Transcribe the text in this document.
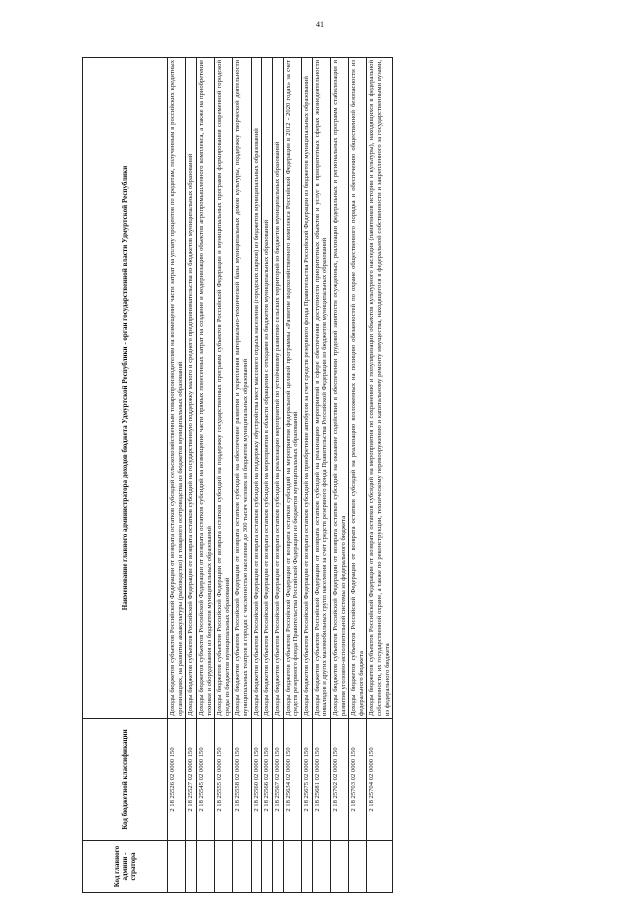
41
Код главного админи - стратора	Код бюджетной классификации	Наименование главного администратора доходов бюджета Удмуртской Республики - орган государственной власти Удмуртской Республики
	2 18 25526 02 0000 150	Доходы бюджетов субъектов Российской Федерации от возврата остатков субсидий сельскохозяйственным товаропроизводителям на возмещение части затрат на уплату процентов по кредитам, полученным в российских кредитных организациях, на развитие аквакультуры (рыбоводство) и товарного осетроводства из бюджетов муниципальных образований
	2 18 25527 02 0000 150	Доходы бюджетов субъектов Российской Федерации от возврата остатков субсидий на государственную поддержку малого и среднего предпринимательства из бюджетов муниципальных образований
	2 18 25545 02 0000 150	Доходы бюджетов субъектов Российской Федерации от возврата остатков субсидий на возмещение части прямых понесенных затрат на создание и модернизацию объектов агропромышленного комплекса, а также на приобретение техники и оборудования из бюджетов муниципальных образований
	2 18 25555 02 0000 150	Доходы бюджетов субъектов Российской Федерации от возврата остатков субсидий на поддержку государственных программ субъектов Российской Федерации и муниципальных программ формирования современной городской среды из бюджетов муниципальных образований
	2 18 25558 02 0000 150	Доходы бюджетов субъектов Российской Федерации от возврата остатков субсидий на обеспечение развития и укрепления материально-технической базы муниципальных домов культуры, поддержку творческой деятельности муниципальных театров в городах с численностью населения до 300 тысяч человек из бюджетов муниципальных образований
	2 18 25560 02 0000 150	Доходы бюджетов субъектов Российской Федерации от возврата остатков субсидий на поддержку обустройства мест массового отдыха населения (городских парков) из бюджетов муниципальных образований
	2 18 25566 02 0000 150	Доходы бюджетов субъектов Российской Федерации от возврата остатков субсидий на мероприятия в области обращения с отходами из бюджетов муниципальных образований
	2 18 25567 02 0000 150	Доходы бюджетов субъектов Российской Федерации от возврата остатков субсидий на реализацию мероприятий по устойчивому развитию сельских территорий из бюджетов муниципальных образований
	2 18 25634 02 0000 150	Доходы бюджетов субъектов Российской Федерации от возврата остатков субсидий на мероприятия федеральной целевой программы «Развитие водохозяйственного комплекса Российской Федерации в 2012 - 2020 годах» за счет средств резервного фонда Правительства Российской Федерации из бюджетов муниципальных образований
	2 18 25675 02 0000 150	Доходы бюджетов субъектов Российской Федерации от возврата остатков субсидий на приобретение автобусов за счет средств резервного фонда Правительства Российской Федерации из бюджетов муниципальных образований
	2 18 25681 02 0000 150	Доходы бюджетов субъектов Российской Федерации от возврата остатков субсидий на реализацию мероприятий в сфере обеспечения доступности приоритетных объектов и услуг в приоритетных сферах жизнедеятельности инвалидов и других маломобильных групп населения за счет средств резервного фонда Правительства Российской Федерации из бюджетов муниципальных образований
	2 18 25702 02 0000 150	Доходы бюджетов субъектов Российской Федерации от возврата остатков субсидий на оказание содействия в обеспечении трудовой занятости осужденных, реализации федеральных и региональных программ стабилизации и развития уголовно-исполнительной системы из федерального бюджета
	2 18 25703 02 0000 150	Доходы бюджетов субъектов Российской Федерации от возврата остатков субсидий на реализацию возложенных на полицию обязанностей по охране общественного порядка и обеспечению общественной безопасности из федерального бюджета
	2 18 25704 02 0000 150	Доходы бюджетов субъектов Российской Федерации от возврата остатков субсидий на мероприятия по сохранению и популяризации объектов культурного наследия (памятников истории и культуры), находящихся в федеральной собственности, их государственной охране, а также по реконструкции, техническому перевооружению и капитальному ремонту имущества, находящегося в федеральной собственности и закрепленного за государственными вузами, из федерального бюджета
